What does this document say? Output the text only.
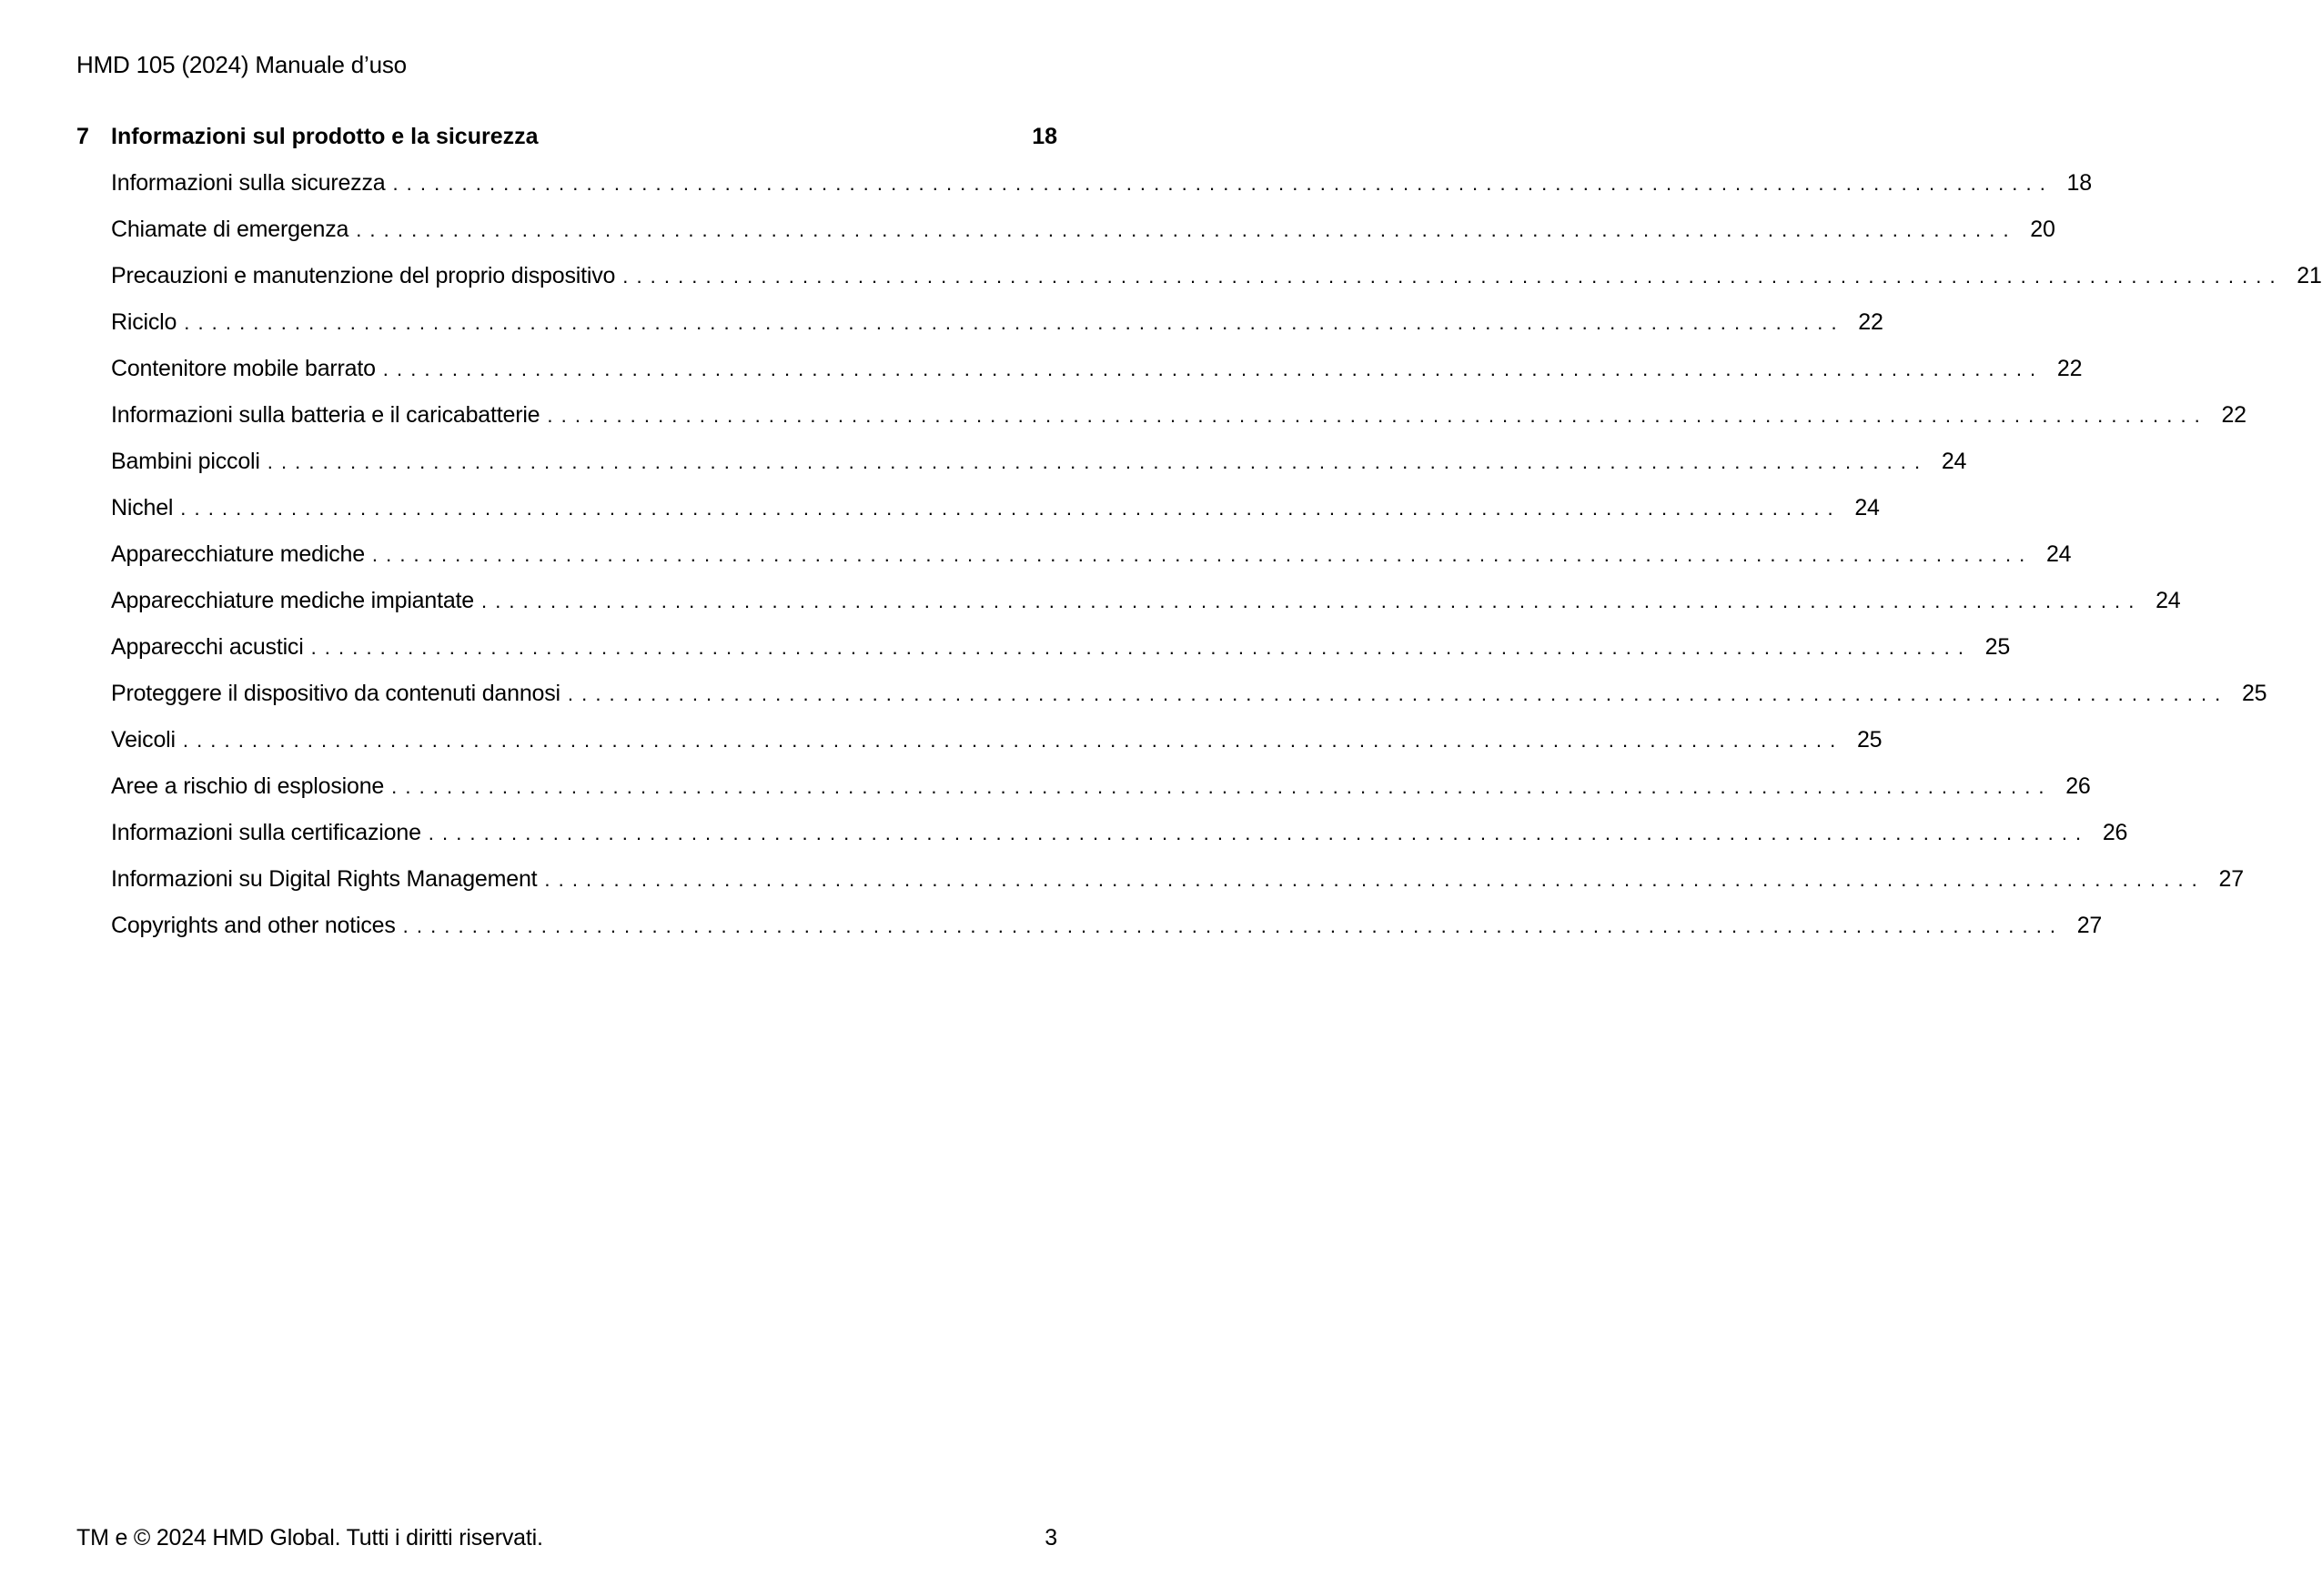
HMD 105 (2024) Manuale d’uso
7 Informazioni sul prodotto e la sicurezza	18
Informazioni sulla sicurezza ........................................................................................................................ 18
Chiamate di emergenza ........................................................................................................................ 20
Precauzioni e manutenzione del proprio dispositivo ........................................................................................................................ 21
Riciclo ........................................................................................................................ 22
Contenitore mobile barrato ........................................................................................................................ 22
Informazioni sulla batteria e il caricabatterie ........................................................................................................................ 22
Bambini piccoli ........................................................................................................................ 24
Nichel ........................................................................................................................ 24
Apparecchiature mediche ........................................................................................................................ 24
Apparecchiature mediche impiantate ........................................................................................................................ 24
Apparecchi acustici ........................................................................................................................ 25
Proteggere il dispositivo da contenuti dannosi ........................................................................................................................ 25
Veicoli ........................................................................................................................ 25
Aree a rischio di esplosione ........................................................................................................................ 26
Informazioni sulla certificazione ........................................................................................................................ 26
Informazioni su Digital Rights Management ........................................................................................................................ 27
Copyrights and other notices ........................................................................................................................ 27
TM e © 2024 HMD Global. Tutti i diritti riservati.	3
